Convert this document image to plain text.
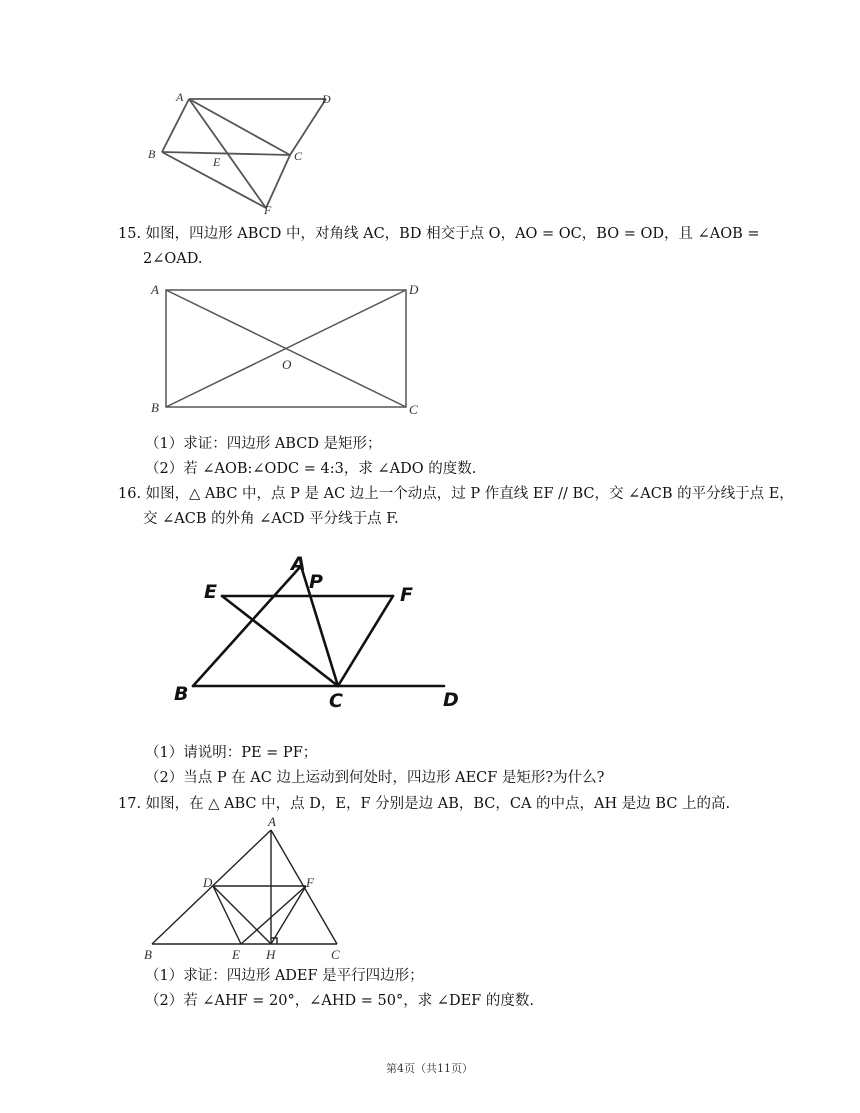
A	D
B
E	C
F
15. 如图，四边形 ABCD 中，对角线 AC，BD 相交于点 O，AO = OC，BO = OD，且 ∠AOB =
2∠OAD.
A	D
O
B	C
（1）求证：四边形 ABCD 是矩形；
（2）若 ∠AOB:∠ODC = 4:3，求 ∠ADO 的度数.
16. 如图，△ ABC 中，点 P 是 AC 边上一个动点，过 P 作直线 EF // BC，交 ∠ACB 的平分线于点 E，
交 ∠ACB 的外角 ∠ACD 平分线于点 F.
A
P
E	F
B	C	D
（1）请说明：PE = PF；
（2）当点 P 在 AC 边上运动到何处时，四边形 AECF 是矩形?为什么?
17. 如图，在 △ ABC 中，点 D，E，F 分别是边 AB，BC，CA 的中点，AH 是边 BC 上的高.
A
D	F
B	E H	C
（1）求证：四边形 ADEF 是平行四边形；
（2）若 ∠AHF = 20°，∠AHD = 50°，求 ∠DEF 的度数.
第4页（共11页）
